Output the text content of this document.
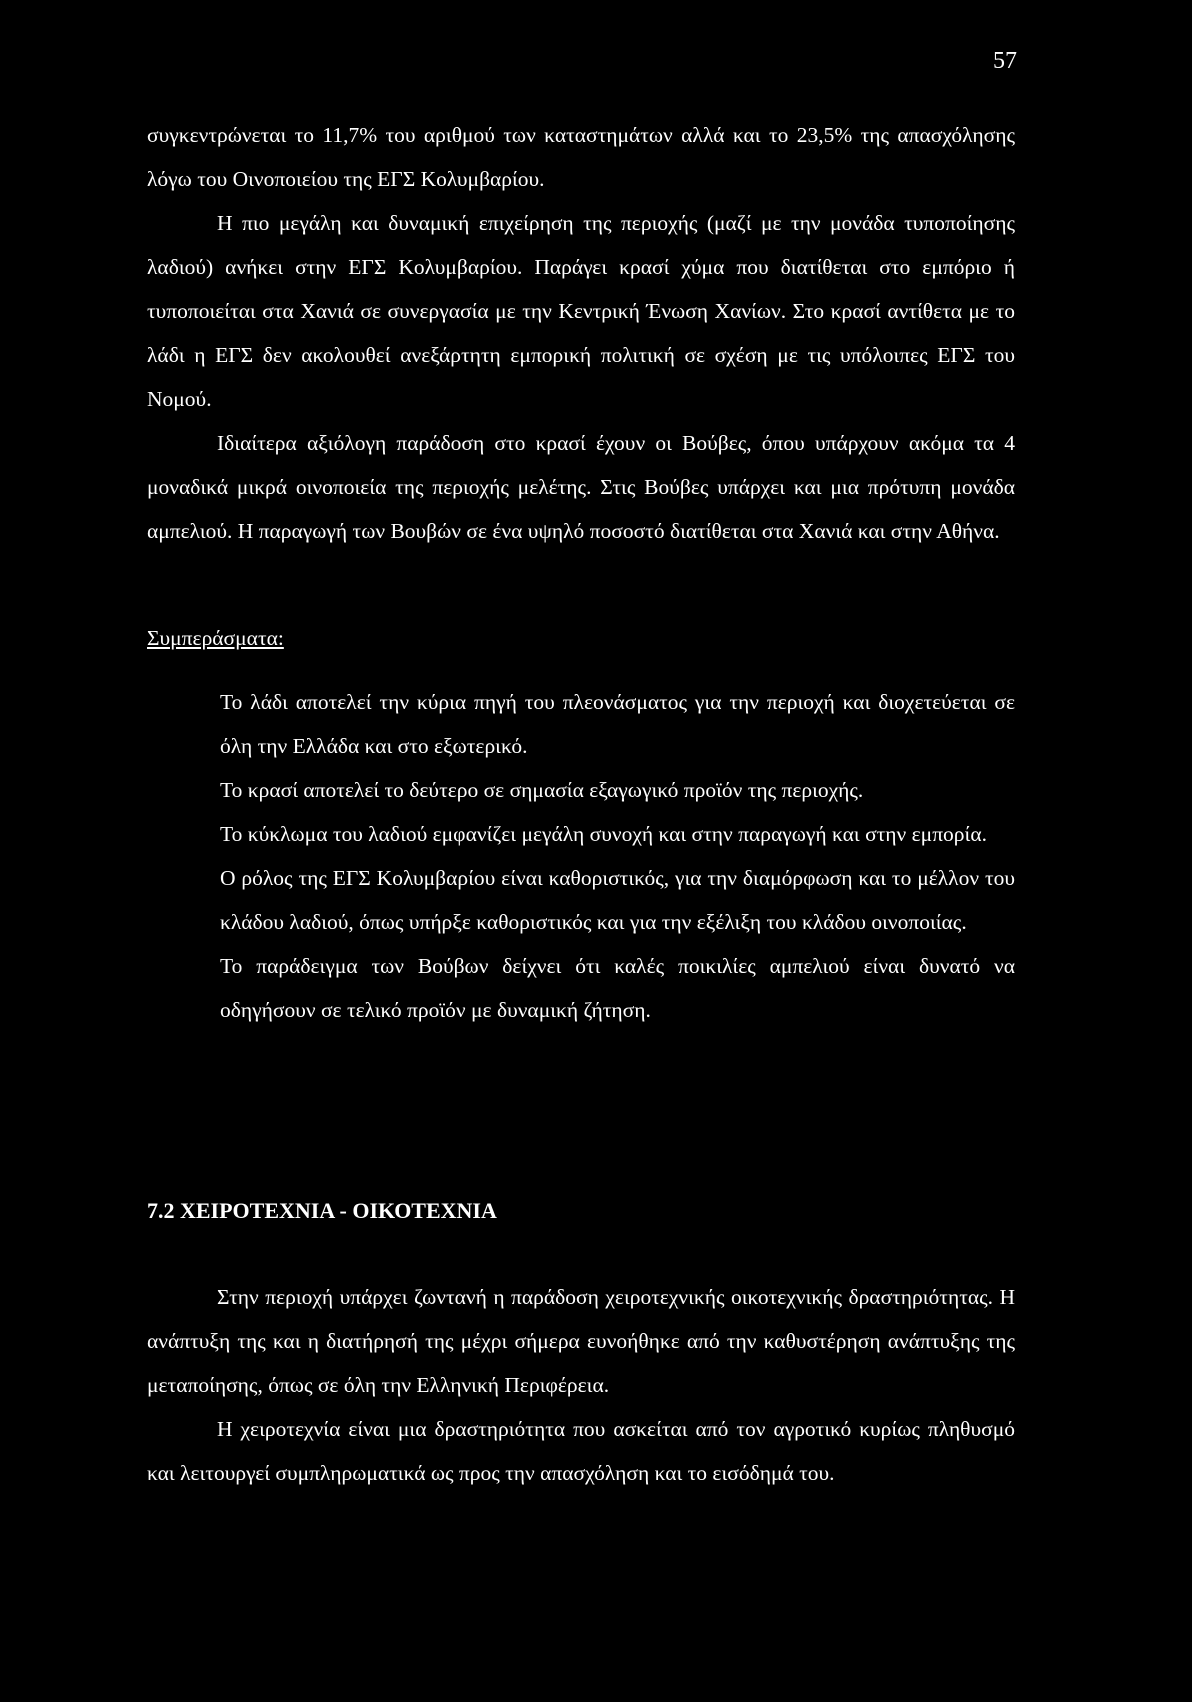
57

συγκεντρώνεται το 11,7% του αριθμού των καταστημάτων αλλά και το 23,5% της απασχόλησης λόγω του Οινοποιείου της ΕΓΣ Κολυμβαρίου.

Η πιο μεγάλη και δυναμική επιχείρηση της περιοχής (μαζί με την μονάδα τυποποίησης λαδιού) ανήκει στην ΕΓΣ Κολυμβαρίου. Παράγει κρασί χύμα που διατίθεται στο εμπόριο ή τυποποιείται στα Χανιά σε συνεργασία με την Κεντρική Ένωση Χανίων. Στο κρασί αντίθετα με το λάδι η ΕΓΣ δεν ακολουθεί ανεξάρτητη εμπορική πολιτική σε σχέση με τις υπόλοιπες ΕΓΣ του Νομού.

Ιδιαίτερα αξιόλογη παράδοση στο κρασί έχουν οι Βούβες, όπου υπάρχουν ακόμα τα 4 μοναδικά μικρά οινοποιεία της περιοχής μελέτης. Στις Βούβες υπάρχει και μια πρότυπη μονάδα αμπελιού. Η παραγωγή των Βουβών σε ένα υψηλό ποσοστό διατίθεται στα Χανιά και στην Αθήνα.

Συμπεράσματα:

Το λάδι αποτελεί την κύρια πηγή του πλεονάσματος για την περιοχή και διοχετεύεται σε όλη την Ελλάδα και στο εξωτερικό.

Το κρασί αποτελεί το δεύτερο σε σημασία εξαγωγικό προϊόν της περιοχής.

Το κύκλωμα του λαδιού εμφανίζει μεγάλη συνοχή και στην παραγωγή και στην εμπορία.

Ο ρόλος της ΕΓΣ Κολυμβαρίου είναι καθοριστικός, για την διαμόρφωση και το μέλλον του κλάδου λαδιού, όπως υπήρξε καθοριστικός και για την εξέλιξη του κλάδου οινοποιίας.

Το παράδειγμα των Βούβων δείχνει ότι καλές ποικιλίες αμπελιού είναι δυνατό να οδηγήσουν σε τελικό προϊόν με δυναμική ζήτηση.

7.2 ΧΕΙΡΟΤΕΧΝΙΑ - ΟΙΚΟΤΕΧΝΙΑ

Στην περιοχή υπάρχει ζωντανή η παράδοση χειροτεχνικής οικοτεχνικής δραστηριότητας. Η ανάπτυξη της και η διατήρησή της μέχρι σήμερα ευνοήθηκε από την καθυστέρηση ανάπτυξης της μεταποίησης, όπως σε όλη την Ελληνική Περιφέρεια.

Η χειροτεχνία είναι μια δραστηριότητα που ασκείται από τον αγροτικό κυρίως πληθυσμό και λειτουργεί συμπληρωματικά ως προς την απασχόληση και το εισόδημά του.
